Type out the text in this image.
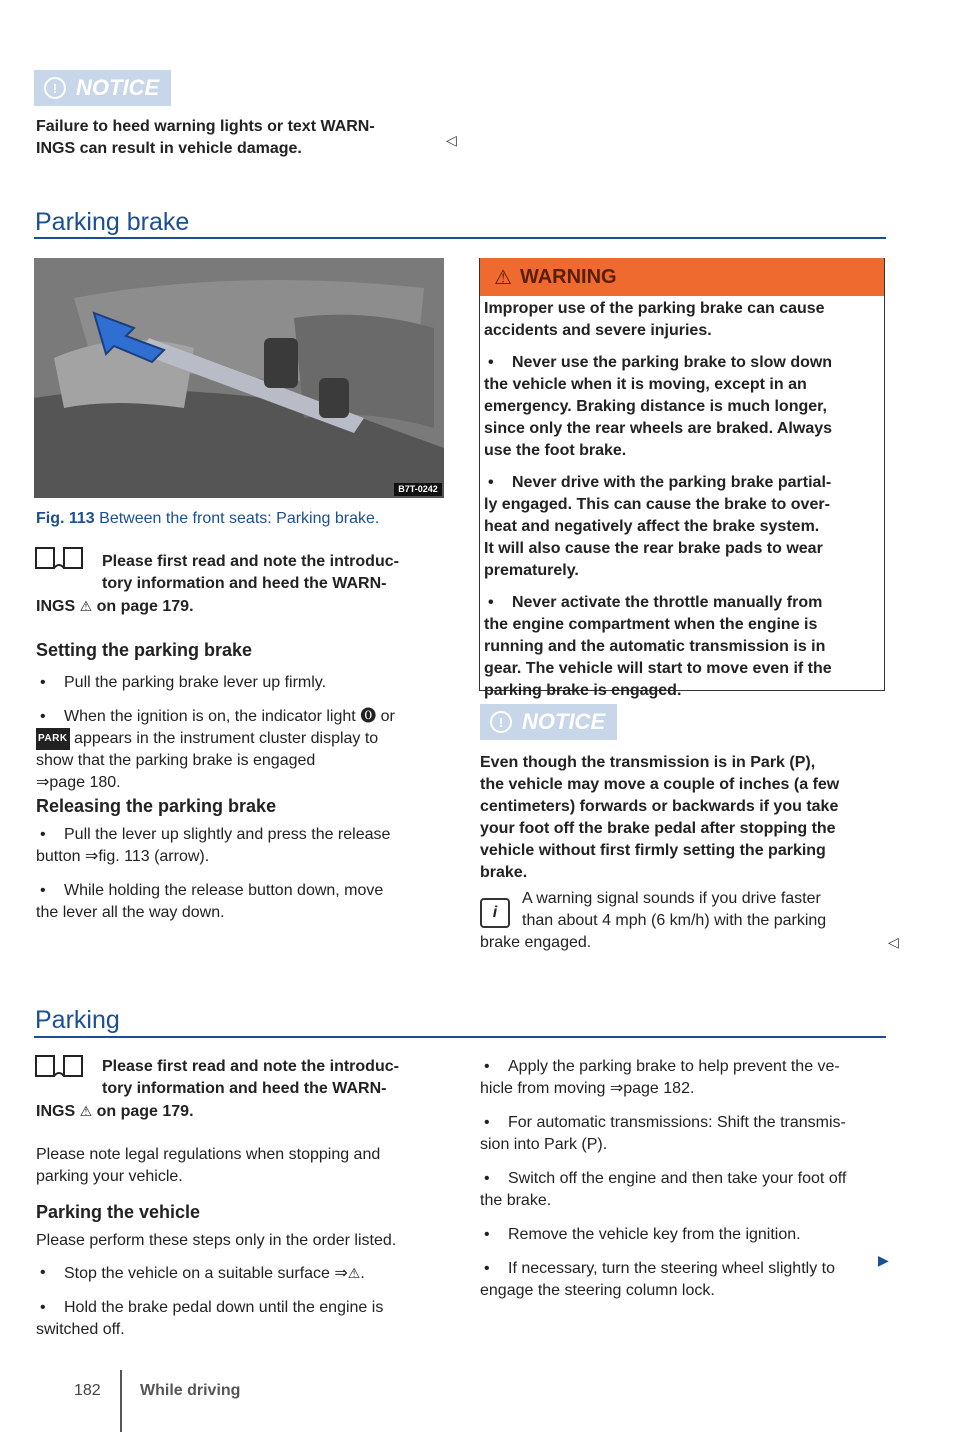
! NOTICE
Failure to heed warning lights or text WARN-
INGS can result in vehicle damage.	◁
Parking brake
B7T-0242
Fig. 113 Between the front seats: Parking brake.
Please first read and note the introduc-
tory information and heed the WARN-
INGS ⚠ on page 179.
Setting the parking brake
• Pull the parking brake lever up firmly.
• When the ignition is on, the indicator light ⓿ or
PARK appears in the instrument cluster display to
show that the parking brake is engaged
⇒page 180.
Releasing the parking brake
• Pull the lever up slightly and press the release
button ⇒fig. 113 (arrow).
• While holding the release button down, move
the lever all the way down.
⚠ WARNING
Improper use of the parking brake can cause
accidents and severe injuries.
• Never use the parking brake to slow down
the vehicle when it is moving, except in an
emergency. Braking distance is much longer,
since only the rear wheels are braked. Always
use the foot brake.
• Never drive with the parking brake partial-
ly engaged. This can cause the brake to over-
heat and negatively affect the brake system.
It will also cause the rear brake pads to wear
prematurely.
• Never activate the throttle manually from
the engine compartment when the engine is
running and the automatic transmission is in
gear. The vehicle will start to move even if the
parking brake is engaged.
! NOTICE
Even though the transmission is in Park (P),
the vehicle may move a couple of inches (a few
centimeters) forwards or backwards if you take
your foot off the brake pedal after stopping the
vehicle without first firmly setting the parking
brake.
i
A warning signal sounds if you drive faster
than about 4 mph (6 km/h) with the parking
brake engaged.	◁
Parking
Please first read and note the introduc-
tory information and heed the WARN-
INGS ⚠ on page 179.
Please note legal regulations when stopping and
parking your vehicle.
Parking the vehicle
Please perform these steps only in the order listed.
• Stop the vehicle on a suitable surface ⇒⚠.
• Hold the brake pedal down until the engine is
switched off.
• Apply the parking brake to help prevent the ve-
hicle from moving ⇒page 182.
• For automatic transmissions: Shift the transmis-
sion into Park (P).
• Switch off the engine and then take your foot off
the brake.
• Remove the vehicle key from the ignition.
• If necessary, turn the steering wheel slightly to
engage the steering column lock.
▶
182 While driving
